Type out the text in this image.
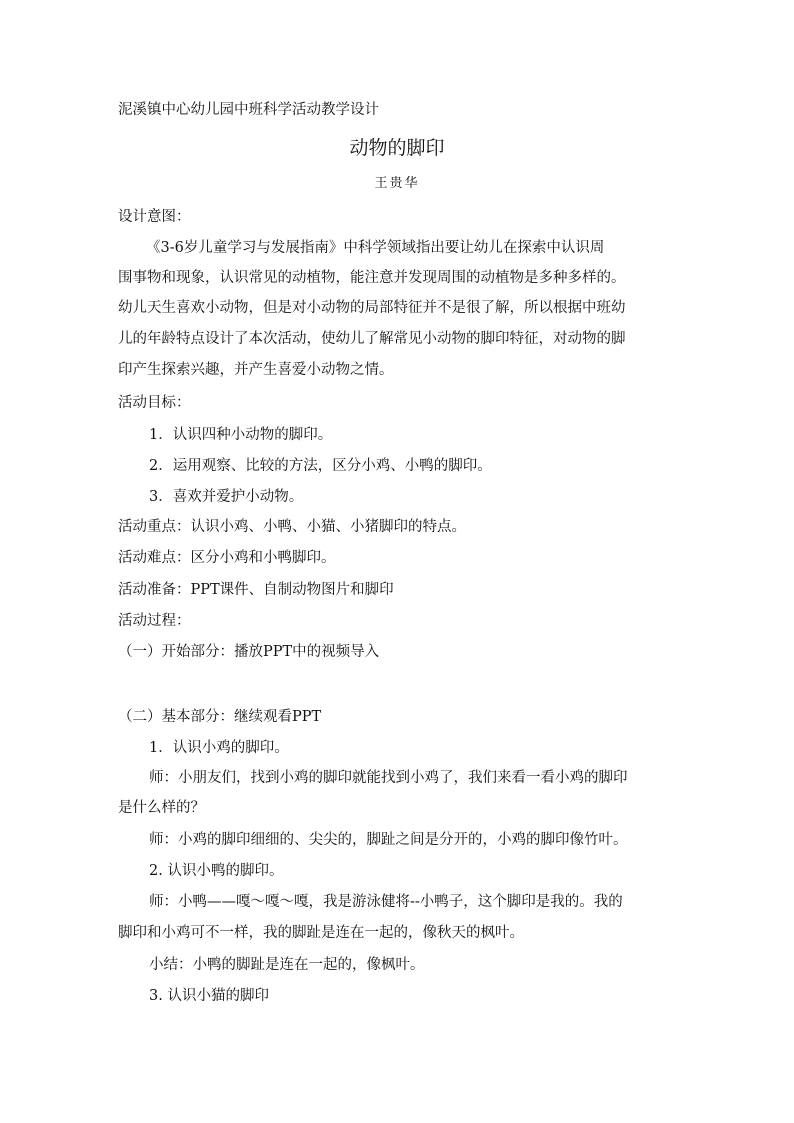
泥溪镇中心幼儿园中班科学活动教学设计
动物的脚印
王贵华
设计意图：
《3-6岁儿童学习与发展指南》中科学领域指出要让幼儿在探索中认识周
围事物和现象，认识常见的动植物，能注意并发现周围的动植物是多种多样的。
幼儿天生喜欢小动物，但是对小动物的局部特征并不是很了解，所以根据中班幼
儿的年龄特点设计了本次活动，使幼儿了解常见小动物的脚印特征，对动物的脚
印产生探索兴趣，并产生喜爱小动物之情。
活动目标：
1．认识四种小动物的脚印。
2．运用观察、比较的方法，区分小鸡、小鸭的脚印。
3．喜欢并爱护小动物。
活动重点：认识小鸡、小鸭、小猫、小猪脚印的特点。
活动难点：区分小鸡和小鸭脚印。
活动准备：PPT课件、自制动物图片和脚印
活动过程：
（一）开始部分：播放PPT中的视频导入
（二）基本部分：继续观看PPT
1．认识小鸡的脚印。
师：小朋友们，找到小鸡的脚印就能找到小鸡了，我们来看一看小鸡的脚印
是什么样的？
师：小鸡的脚印细细的、尖尖的，脚趾之间是分开的，小鸡的脚印像竹叶。
2. 认识小鸭的脚印。
师：小鸭——嘎～嘎～嘎，我是游泳健将--小鸭子，这个脚印是我的。我的
脚印和小鸡可不一样，我的脚趾是连在一起的，像秋天的枫叶。
小结：小鸭的脚趾是连在一起的，像枫叶。
3. 认识小猫的脚印
